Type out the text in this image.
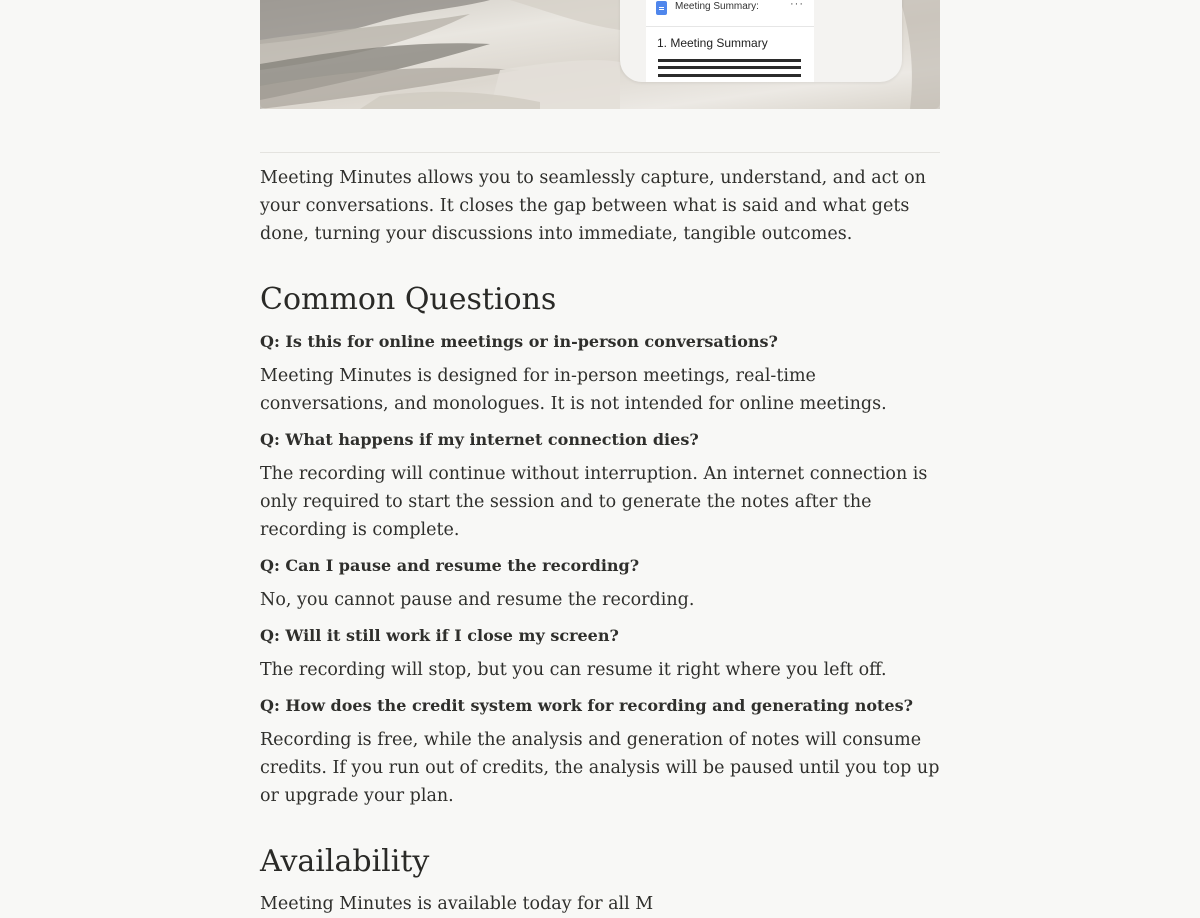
Meeting Summary:	···
1. Meeting Summary

Meeting Minutes allows you to seamlessly capture, understand, and act on your conversations. It closes the gap between what is said and what gets done, turning your discussions into immediate, tangible outcomes.

Common Questions

Q: Is this for online meetings or in-person conversations?

Meeting Minutes is designed for in-person meetings, real-time conversations, and monologues. It is not intended for online meetings.

Q: What happens if my internet connection dies?

The recording will continue without interruption. An internet connection is only required to start the session and to generate the notes after the recording is complete.

Q: Can I pause and resume the recording?

No, you cannot pause and resume the recording.

Q: Will it still work if I close my screen?

The recording will stop, but you can resume it right where you left off.

Q: How does the credit system work for recording and generating notes?

Recording is free, while the analysis and generation of notes will consume credits. If you run out of credits, the analysis will be paused until you top up or upgrade your plan.

Availability

Meeting Minutes is available today for all M
